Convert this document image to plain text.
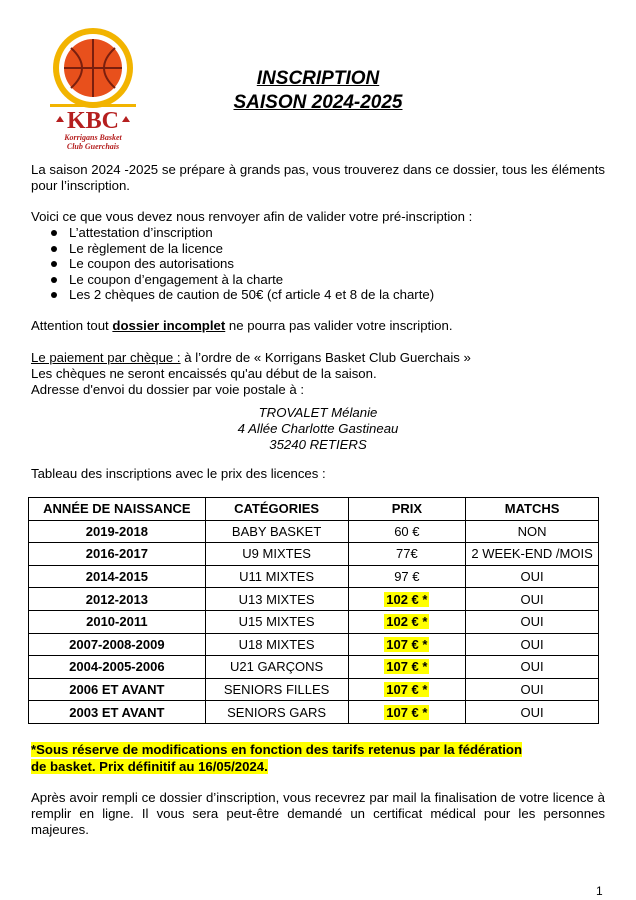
KBC
Korrigans Basket
Club Guerchais
INSCRIPTION
SAISON 2024-2025
La saison 2024 -2025 se prépare à grands pas, vous trouverez dans ce dossier, tous les éléments pour l’inscription.
Voici ce que vous devez nous renvoyer afin de valider votre pré-inscription :
L’attestation d’inscription
Le règlement de la licence
Le coupon des autorisations
Le coupon d’engagement à la charte
Les 2 chèques de caution de 50€ (cf article 4 et 8 de la charte)
Attention tout dossier incomplet ne pourra pas valider votre inscription.
Le paiement par chèque : à l’ordre de « Korrigans Basket Club Guerchais »
Les chèques ne seront encaissés qu'au début de la saison.
Adresse d'envoi du dossier par voie postale à :
TROVALET Mélanie
4 Allée Charlotte Gastineau
35240 RETIERS
Tableau des inscriptions avec le prix des licences :
ANNÉE DE NAISSANCE	CATÉGORIES	PRIX	MATCHS
2019-2018	BABY BASKET	60 €	NON
2016-2017	U9 MIXTES	77€	2 WEEK-END /MOIS
2014-2015	U11 MIXTES	97 €	OUI
2012-2013	U13 MIXTES	102 € *	OUI
2010-2011	U15 MIXTES	102 € *	OUI
2007-2008-2009	U18 MIXTES	107 € *	OUI
2004-2005-2006	U21 GARÇONS	107 € *	OUI
2006 ET AVANT	SENIORS FILLES	107 € *	OUI
2003 ET AVANT	SENIORS GARS	107 € *	OUI
*Sous réserve de modifications en fonction des tarifs retenus par la fédération
de basket. Prix définitif au 16/05/2024.
Après avoir rempli ce dossier d’inscription, vous recevrez par mail la finalisation de votre licence à remplir en ligne. Il vous sera peut-être demandé un certificat médical pour les personnes majeures.
1
